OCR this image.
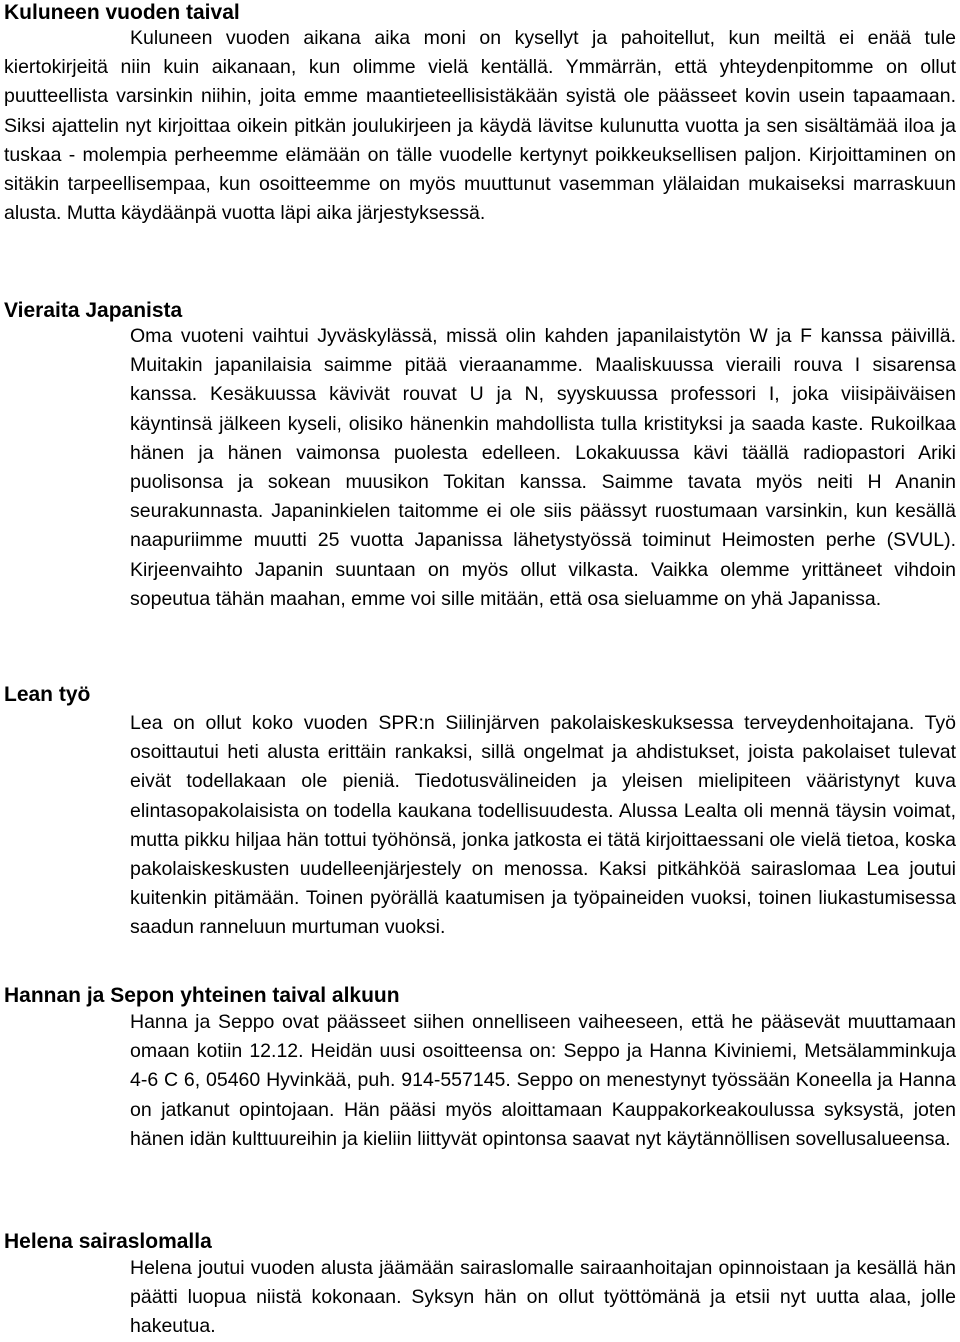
Kuluneen vuoden taival

Kuluneen vuoden aikana aika moni on kysellyt ja pahoitellut, kun meiltä ei enää tule kiertokirjeitä niin kuin aikanaan, kun olimme vielä kentällä. Ymmärrän, että yhteydenpitomme on ollut puutteellista varsinkin niihin, joita emme maantieteellisistäkään syistä ole päässeet kovin usein tapaamaan. Siksi ajattelin nyt kirjoittaa oikein pitkän joulukirjeen ja käydä lävitse kulunutta vuotta ja sen sisältämää iloa ja tuskaa - molempia perheemme elämään on tälle vuodelle kertynyt poikkeuksellisen paljon. Kirjoittaminen on sitäkin tarpeellisempaa, kun osoitteemme on myös muuttunut vasemman ylälaidan mukaiseksi marraskuun alusta. Mutta käydäänpä vuotta läpi aika järjestyksessä.

Vieraita Japanista

Oma vuoteni vaihtui Jyväskylässä, missä olin kahden japanilaistytön W ja F kanssa päivillä. Muitakin japanilaisia saimme pitää vieraanamme. Maaliskuussa vieraili rouva I sisarensa kanssa. Kesäkuussa kävivät rouvat U ja N, syyskuussa professori I, joka viisipäiväisen käyntinsä jälkeen kyseli, olisiko hänenkin mahdollista tulla kristityksi ja saada kaste. Rukoilkaa hänen ja hänen vaimonsa puolesta edelleen. Lokakuussa kävi täällä radiopastori Ariki puolisonsa ja sokean muusikon Tokitan kanssa. Saimme tavata myös neiti H Ananin seurakunnasta. Japaninkielen taitomme ei ole siis päässyt ruostumaan varsinkin, kun kesällä naapuriimme muutti 25 vuotta Japanissa lähetystyössä toiminut Heimosten perhe (SVUL). Kirjeenvaihto Japanin suuntaan on myös ollut vilkasta. Vaikka olemme yrittäneet vihdoin sopeutua tähän maahan, emme voi sille mitään, että osa sieluamme on yhä Japanissa.

Lean työ

Lea on ollut koko vuoden SPR:n Siilinjärven pakolaiskeskuksessa terveydenhoitajana. Työ osoittautui heti alusta erittäin rankaksi, sillä ongelmat ja ahdistukset, joista pakolaiset tulevat eivät todellakaan ole pieniä. Tiedotusvälineiden ja yleisen mielipiteen vääristynyt kuva elintasopakolaisista on todella kaukana todellisuudesta. Alussa Lealta oli mennä täysin voimat, mutta pikku hiljaa hän tottui työhönsä, jonka jatkosta ei tätä kirjoittaessani ole vielä tietoa, koska pakolaiskeskusten uudelleenjärjestely on menossa. Kaksi pitkähköä sairaslomaa Lea joutui kuitenkin pitämään. Toinen pyörällä kaatumisen ja työpaineiden vuoksi, toinen liukastumisessa saadun ranneluun murtuman vuoksi.

Hannan ja Sepon yhteinen taival alkuun

Hanna ja Seppo ovat päässeet siihen onnelliseen vaiheeseen, että he pääsevät muuttamaan omaan kotiin 12.12. Heidän uusi osoitteensa on: Seppo ja Hanna Kiviniemi, Metsälamminkuja 4-6 C 6, 05460 Hyvinkää, puh. 914-557145. Seppo on menestynyt työssään Koneella ja Hanna on jatkanut opintojaan. Hän pääsi myös aloittamaan Kauppakorkeakoulussa syksystä, joten hänen idän kulttuureihin ja kieliin liittyvät opintonsa saavat nyt käytännöllisen sovellusalueensa.

Helena sairaslomalla

Helena joutui vuoden alusta jäämään sairaslomalle sairaanhoitajan opinnoistaan ja kesällä hän päätti luopua niistä kokonaan. Syksyn hän on ollut työttömänä ja etsii nyt uutta alaa, jolle hakeutua.
